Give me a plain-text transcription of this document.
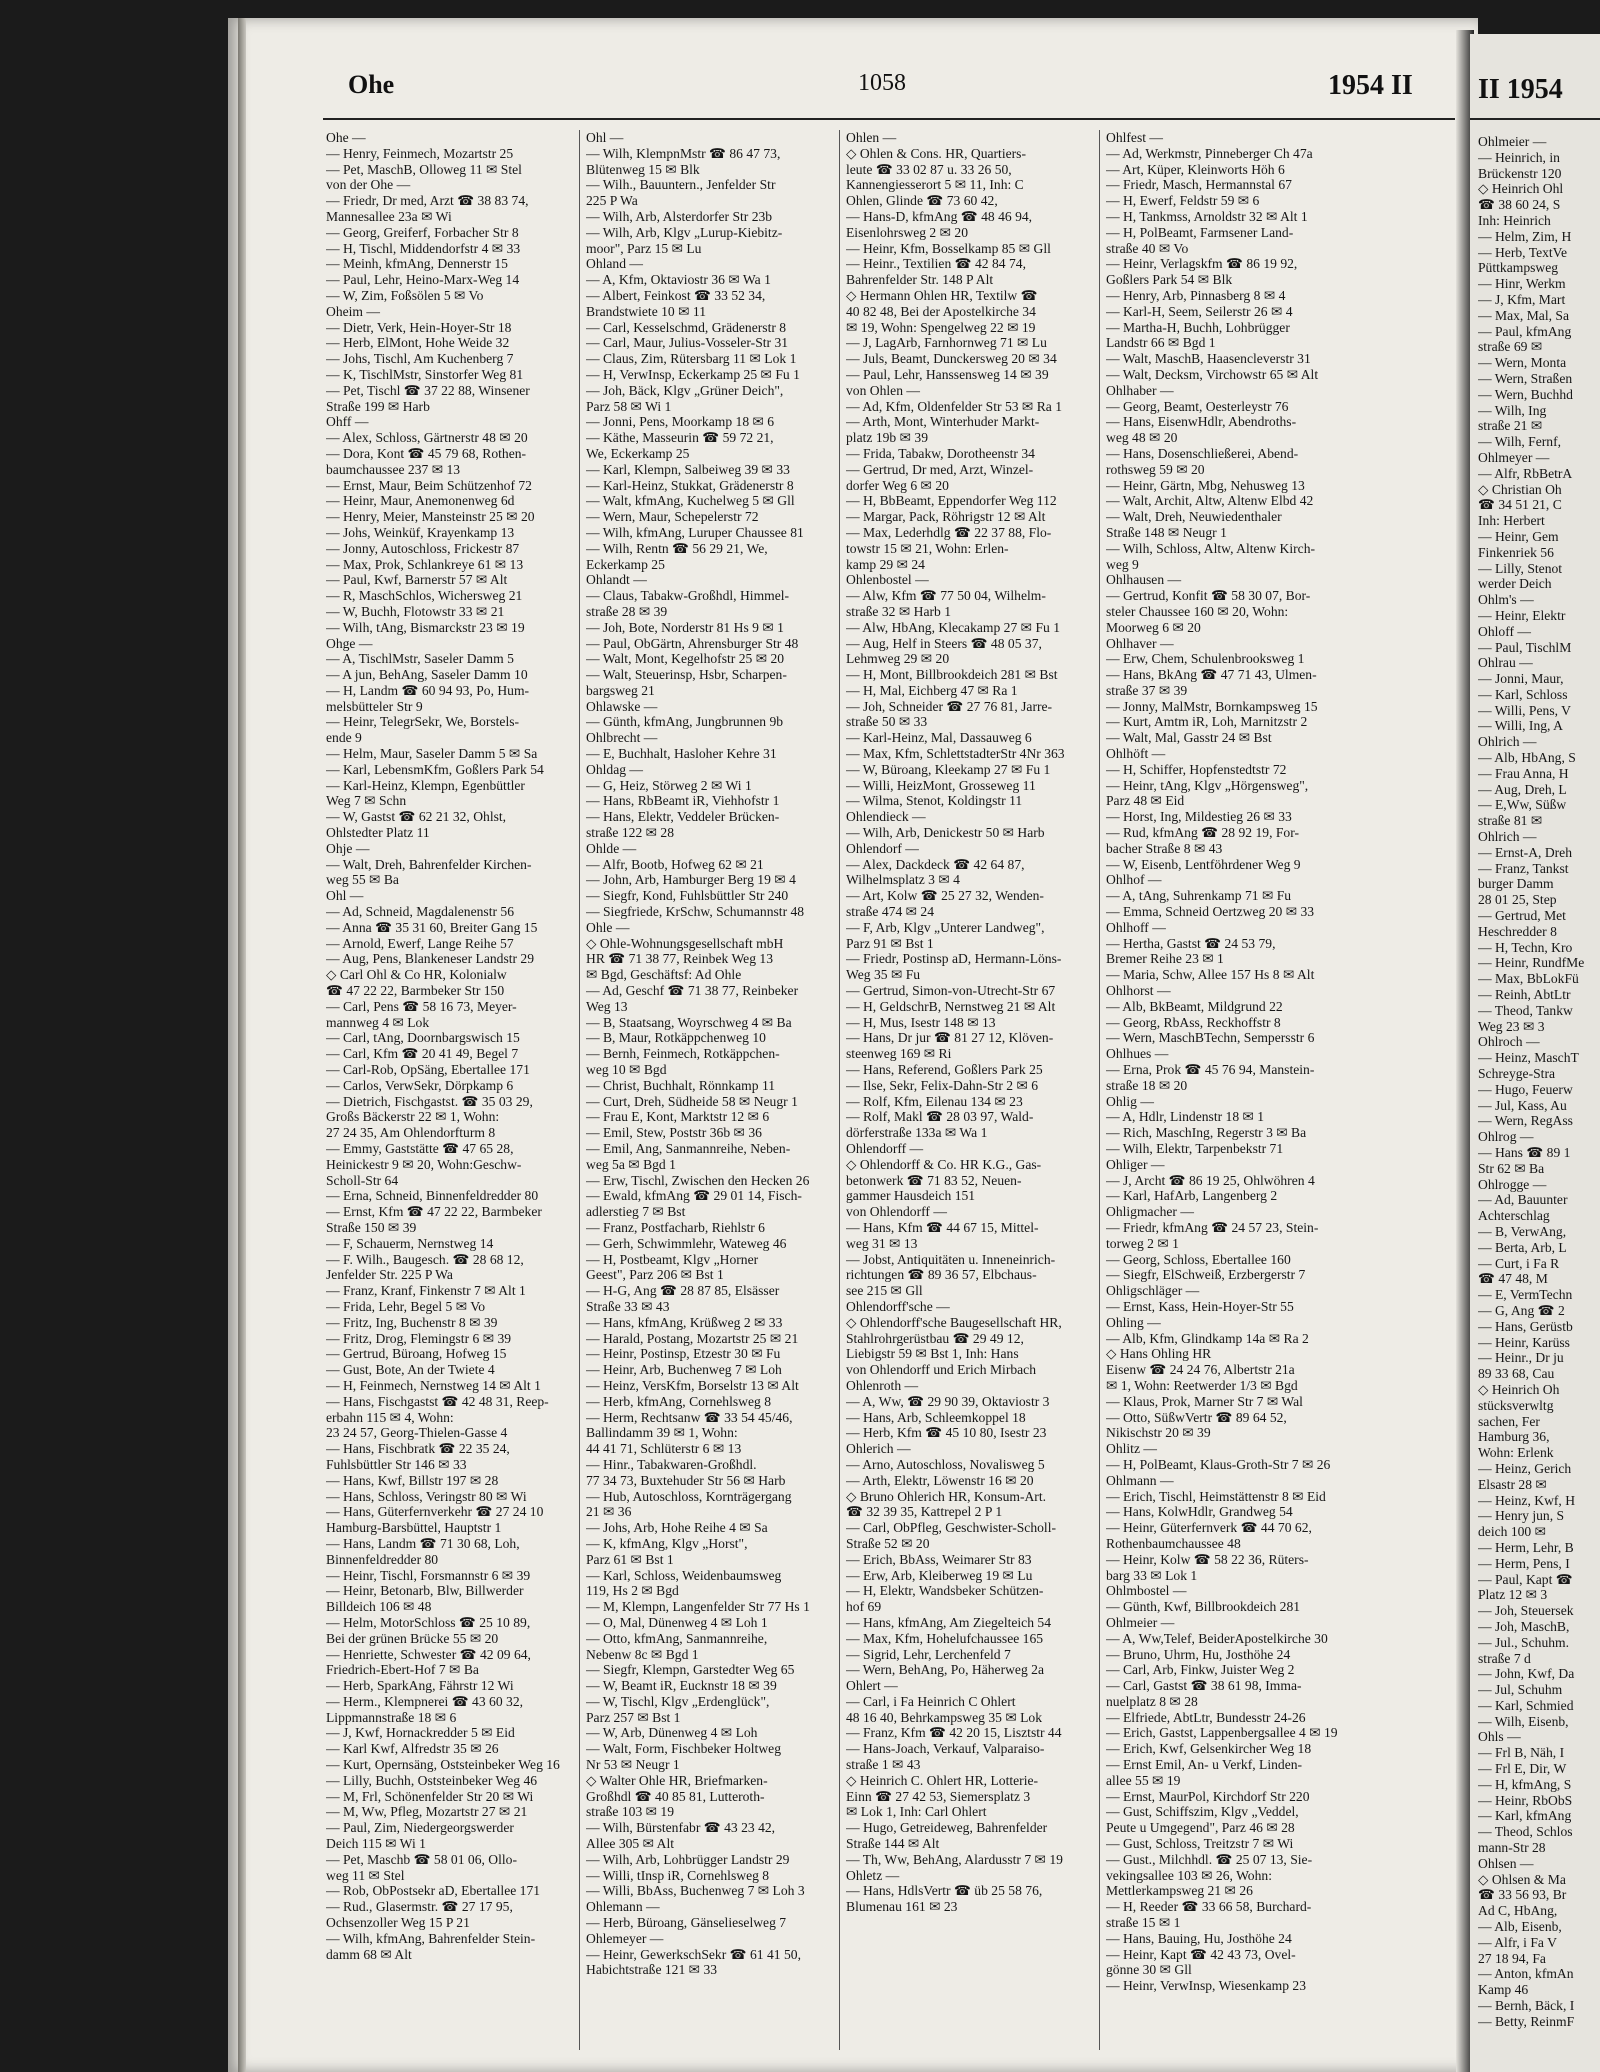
Ohe	1058	1954 II
Ohe —
— Henry, Feinmech, Mozartstr 25
— Pet, MaschB, Olloweg 11 ✉ Stel
von der Ohe —
— Friedr, Dr med, Arzt ☎ 38 83 74,
Mannesallee 23a ✉ Wi
— Georg, Greiferf, Forbacher Str 8
— H, Tischl, Middendorfstr 4 ✉ 33
— Meinh, kfmAng, Dennerstr 15
— Paul, Lehr, Heino-Marx-Weg 14
— W, Zim, Foßsölen 5 ✉ Vo
Oheim —
— Dietr, Verk, Hein-Hoyer-Str 18
— Herb, ElMont, Hohe Weide 32
— Johs, Tischl, Am Kuchenberg 7
— K, TischlMstr, Sinstorfer Weg 81
— Pet, Tischl ☎ 37 22 88, Winsener
Straße 199 ✉ Harb
Ohff —
— Alex, Schloss, Gärtnerstr 48 ✉ 20
— Dora, Kont ☎ 45 79 68, Rothen-
baumchaussee 237 ✉ 13
— Ernst, Maur, Beim Schützenhof 72
— Heinr, Maur, Anemonenweg 6d
— Henry, Meier, Mansteinstr 25 ✉ 20
— Johs, Weinküf, Krayenkamp 13
— Jonny, Autoschloss, Frickestr 87
— Max, Prok, Schlankreye 61 ✉ 13
— Paul, Kwf, Barnerstr 57 ✉ Alt
— R, MaschSchlos, Wichersweg 21
— W, Buchh, Flotowstr 33 ✉ 21
— Wilh, tAng, Bismarckstr 23 ✉ 19
Ohge —
— A, TischlMstr, Saseler Damm 5
— A jun, BehAng, Saseler Damm 10
— H, Landm ☎ 60 94 93, Po, Hum-
melsbütteler Str 9
— Heinr, TelegrSekr, We, Borstels-
ende 9
— Helm, Maur, Saseler Damm 5 ✉ Sa
— Karl, LebensmKfm, Goßlers Park 54
— Karl-Heinz, Klempn, Egenbüttler
Weg 7 ✉ Schn
— W, Gastst ☎ 62 21 32, Ohlst,
Ohlstedter Platz 11
Ohje —
— Walt, Dreh, Bahrenfelder Kirchen-
weg 55 ✉ Ba
Ohl —
— Ad, Schneid, Magdalenenstr 56
— Anna ☎ 35 31 60, Breiter Gang 15
— Arnold, Ewerf, Lange Reihe 57
— Aug, Pens, Blankeneser Landstr 29
◇ Carl Ohl & Co HR, Kolonialw
☎ 47 22 22, Barmbeker Str 150
— Carl, Pens ☎ 58 16 73, Meyer-
mannweg 4 ✉ Lok
— Carl, tAng, Doornbargswisch 15
— Carl, Kfm ☎ 20 41 49, Begel 7
— Carl-Rob, OpSäng, Ebertallee 171
— Carlos, VerwSekr, Dörpkamp 6
— Dietrich, Fischgastst. ☎ 35 03 29,
Großs Bäckerstr 22 ✉ 1, Wohn:
27 24 35, Am Ohlendorfturm 8
— Emmy, Gaststätte ☎ 47 65 28,
Heinickestr 9 ✉ 20, Wohn:Geschw-
Scholl-Str 64
— Erna, Schneid, Binnenfeldredder 80
— Ernst, Kfm ☎ 47 22 22, Barmbeker
Straße 150 ✉ 39
— F, Schauerm, Nernstweg 14
— F. Wilh., Baugesch. ☎ 28 68 12,
Jenfelder Str. 225 P Wa
— Franz, Kranf, Finkenstr 7 ✉ Alt 1
— Frida, Lehr, Begel 5 ✉ Vo
— Fritz, Ing, Buchenstr 8 ✉ 39
— Fritz, Drog, Flemingstr 6 ✉ 39
— Gertrud, Büroang, Hofweg 15
— Gust, Bote, An der Twiete 4
— H, Feinmech, Nernstweg 14 ✉ Alt 1
— Hans, Fischgastst ☎ 42 48 31, Reep-
erbahn 115 ✉ 4, Wohn:
23 24 57, Georg-Thielen-Gasse 4
— Hans, Fischbratk ☎ 22 35 24,
Fuhlsbüttler Str 146 ✉ 33
— Hans, Kwf, Billstr 197 ✉ 28
— Hans, Schloss, Veringstr 80 ✉ Wi
— Hans, Güterfernverkehr ☎ 27 24 10
Hamburg-Barsbüttel, Hauptstr 1
— Hans, Landm ☎ 71 30 68, Loh,
Binnenfeldredder 80
— Heinr, Tischl, Forsmannstr 6 ✉ 39
— Heinr, Betonarb, Blw, Billwerder
Billdeich 106 ✉ 48
— Helm, MotorSchloss ☎ 25 10 89,
Bei der grünen Brücke 55 ✉ 20
— Henriette, Schwester ☎ 42 09 64,
Friedrich-Ebert-Hof 7 ✉ Ba
— Herb, SparkAng, Fährstr 12 Wi
— Herm., Klempnerei ☎ 43 60 32,
Lippmannstraße 18 ✉ 6
— J, Kwf, Hornackredder 5 ✉ Eid
— Karl Kwf, Alfredstr 35 ✉ 26
— Kurt, Opernsäng, Oststeinbeker Weg 16
— Lilly, Buchh, Oststeinbeker Weg 46
— M, Frl, Schönenfelder Str 20 ✉ Wi
— M, Ww, Pfleg, Mozartstr 27 ✉ 21
— Paul, Zim, Niedergeorgswerder
Deich 115 ✉ Wi 1
— Pet, Maschb ☎ 58 01 06, Ollo-
weg 11 ✉ Stel
— Rob, ObPostsekr aD, Ebertallee 171
— Rud., Glasermstr. ☎ 27 17 95,
Ochsenzoller Weg 15 P 21
— Wilh, kfmAng, Bahrenfelder Stein-
damm 68 ✉ Alt
Ohl —
— Wilh, KlempnMstr ☎ 86 47 73,
Blütenweg 15 ✉ Blk
— Wilh., Bauuntern., Jenfelder Str
225 P Wa
— Wilh, Arb, Alsterdorfer Str 23b
— Wilh, Arb, Klgv „Lurup-Kiebitz-
moor", Parz 15 ✉ Lu
Ohland —
— A, Kfm, Oktaviostr 36 ✉ Wa 1
— Albert, Feinkost ☎ 33 52 34,
Brandstwiete 10 ✉ 11
— Carl, Kesselschmd, Grädenerstr 8
— Carl, Maur, Julius-Vosseler-Str 31
— Claus, Zim, Rütersbarg 11 ✉ Lok 1
— H, VerwInsp, Eckerkamp 25 ✉ Fu 1
— Joh, Bäck, Klgv „Grüner Deich",
Parz 58 ✉ Wi 1
— Jonni, Pens, Moorkamp 18 ✉ 6
— Käthe, Masseurin ☎ 59 72 21,
We, Eckerkamp 25
— Karl, Klempn, Salbeiweg 39 ✉ 33
— Karl-Heinz, Stukkat, Grädenerstr 8
— Walt, kfmAng, Kuchelweg 5 ✉ Gll
— Wern, Maur, Schepelerstr 72
— Wilh, kfmAng, Luruper Chaussee 81
— Wilh, Rentn ☎ 56 29 21, We,
Eckerkamp 25
Ohlandt —
— Claus, Tabakw-Großhdl, Himmel-
straße 28 ✉ 39
— Joh, Bote, Norderstr 81 Hs 9 ✉ 1
— Paul, ObGärtn, Ahrensburger Str 48
— Walt, Mont, Kegelhofstr 25 ✉ 20
— Walt, Steuerinsp, Hsbr, Scharpen-
bargsweg 21
Ohlawske —
— Günth, kfmAng, Jungbrunnen 9b
Ohlbrecht —
— E, Buchhalt, Hasloher Kehre 31
Ohldag —
— G, Heiz, Störweg 2 ✉ Wi 1
— Hans, RbBeamt iR, Viehhofstr 1
— Hans, Elektr, Veddeler Brücken-
straße 122 ✉ 28
Ohlde —
— Alfr, Bootb, Hofweg 62 ✉ 21
— John, Arb, Hamburger Berg 19 ✉ 4
— Siegfr, Kond, Fuhlsbüttler Str 240
— Siegfriede, KrSchw, Schumannstr 48
Ohle —
◇ Ohle-Wohnungsgesellschaft mbH
HR ☎ 71 38 77, Reinbek Weg 13
✉ Bgd, Geschäftsf: Ad Ohle
— Ad, Geschf ☎ 71 38 77, Reinbeker
Weg 13
— B, Staatsang, Woyrschweg 4 ✉ Ba
— B, Maur, Rotkäppchenweg 10
— Bernh, Feinmech, Rotkäppchen-
weg 10 ✉ Bgd
— Christ, Buchhalt, Rönnkamp 11
— Curt, Dreh, Südheide 58 ✉ Neugr 1
— Frau E, Kont, Marktstr 12 ✉ 6
— Emil, Stew, Poststr 36b ✉ 36
— Emil, Ang, Sanmannreihe, Neben-
weg 5a ✉ Bgd 1
— Erw, Tischl, Zwischen den Hecken 26
— Ewald, kfmAng ☎ 29 01 14, Fisch-
adlerstieg 7 ✉ Bst
— Franz, Postfacharb, Riehlstr 6
— Gerh, Schwimmlehr, Wateweg 46
— H, Postbeamt, Klgv „Horner
Geest", Parz 206 ✉ Bst 1
— H-G, Ang ☎ 28 87 85, Elsässer
Straße 33 ✉ 43
— Hans, kfmAng, Krüßweg 2 ✉ 33
— Harald, Postang, Mozartstr 25 ✉ 21
— Heinr, Postinsp, Etzestr 30 ✉ Fu
— Heinr, Arb, Buchenweg 7 ✉ Loh
— Heinz, VersKfm, Borselstr 13 ✉ Alt
— Herb, kfmAng, Cornehlsweg 8
— Herm, Rechtsanw ☎ 33 54 45/46,
Ballindamm 39 ✉ 1, Wohn:
44 41 71, Schlüterstr 6 ✉ 13
— Hinr., Tabakwaren-Großhdl.
77 34 73, Buxtehuder Str 56 ✉ Harb
— Hub, Autoschloss, Kornträgergang
21 ✉ 36
— Johs, Arb, Hohe Reihe 4 ✉ Sa
— K, kfmAng, Klgv „Horst",
Parz 61 ✉ Bst 1
— Karl, Schloss, Weidenbaumsweg
119, Hs 2 ✉ Bgd
— M, Klempn, Langenfelder Str 77 Hs 1
— O, Mal, Dünenweg 4 ✉ Loh 1
— Otto, kfmAng, Sanmannreihe,
Nebenw 8c ✉ Bgd 1
— Siegfr, Klempn, Garstedter Weg 65
— W, Beamt iR, Eucknstr 18 ✉ 39
— W, Tischl, Klgv „Erdenglück",
Parz 257 ✉ Bst 1
— W, Arb, Dünenweg 4 ✉ Loh
— Walt, Form, Fischbeker Holtweg
Nr 53 ✉ Neugr 1
◇ Walter Ohle HR, Briefmarken-
Großhdl ☎ 40 85 81, Lutteroth-
straße 103 ✉ 19
— Wilh, Bürstenfabr ☎ 43 23 42,
Allee 305 ✉ Alt
— Wilh, Arb, Lohbrügger Landstr 29
— Willi, tInsp iR, Cornehlsweg 8
— Willi, BbAss, Buchenweg 7 ✉ Loh 3
Ohlemann —
— Herb, Büroang, Gänselieselweg 7
Ohlemeyer —
— Heinr, GewerkschSekr ☎ 61 41 50,
Habichtstraße 121 ✉ 33
Ohlen —
◇ Ohlen & Cons. HR, Quartiers-
leute ☎ 33 02 87 u. 33 26 50,
Kannengiesserort 5 ✉ 11, Inh: C
Ohlen, Glinde ☎ 73 60 42,
— Hans-D, kfmAng ☎ 48 46 94,
Eisenlohrsweg 2 ✉ 20
— Heinr, Kfm, Bosselkamp 85 ✉ Gll
— Heinr., Textilien ☎ 42 84 74,
Bahrenfelder Str. 148 P Alt
◇ Hermann Ohlen HR, Textilw ☎
40 82 48, Bei der Apostelkirche 34
✉ 19, Wohn: Spengelweg 22 ✉ 19
— J, LagArb, Farnhornweg 71 ✉ Lu
— Juls, Beamt, Dunckersweg 20 ✉ 34
— Paul, Lehr, Hanssensweg 14 ✉ 39
von Ohlen —
— Ad, Kfm, Oldenfelder Str 53 ✉ Ra 1
— Arth, Mont, Winterhuder Markt-
platz 19b ✉ 39
— Frida, Tabakw, Dorotheenstr 34
— Gertrud, Dr med, Arzt, Winzel-
dorfer Weg 6 ✉ 20
— H, BbBeamt, Eppendorfer Weg 112
— Margar, Pack, Röhrigstr 12 ✉ Alt
— Max, Lederhdlg ☎ 22 37 88, Flo-
towstr 15 ✉ 21, Wohn: Erlen-
kamp 29 ✉ 24
Ohlenbostel —
— Alw, Kfm ☎ 77 50 04, Wilhelm-
straße 32 ✉ Harb 1
— Alw, HbAng, Klecakamp 27 ✉ Fu 1
— Aug, Helf in Steers ☎ 48 05 37,
Lehmweg 29 ✉ 20
— H, Mont, Billbrookdeich 281 ✉ Bst
— H, Mal, Eichberg 47 ✉ Ra 1
— Joh, Schneider ☎ 27 76 81, Jarre-
straße 50 ✉ 33
— Karl-Heinz, Mal, Dassauweg 6
— Max, Kfm, SchlettstadterStr 4Nr 363
— W, Büroang, Kleekamp 27 ✉ Fu 1
— Willi, HeizMont, Grosseweg 11
— Wilma, Stenot, Koldingstr 11
Ohlendieck —
— Wilh, Arb, Denickestr 50 ✉ Harb
Ohlendorf —
— Alex, Dackdeck ☎ 42 64 87,
Wilhelmsplatz 3 ✉ 4
— Art, Kolw ☎ 25 27 32, Wenden-
straße 474 ✉ 24
— F, Arb, Klgv „Unterer Landweg",
Parz 91 ✉ Bst 1
— Friedr, Postinsp aD, Hermann-Löns-
Weg 35 ✉ Fu
— Gertrud, Simon-von-Utrecht-Str 67
— H, GeldschrB, Nernstweg 21 ✉ Alt
— H, Mus, Isestr 148 ✉ 13
— Hans, Dr jur ☎ 81 27 12, Klöven-
steenweg 169 ✉ Ri
— Hans, Referend, Goßlers Park 25
— Ilse, Sekr, Felix-Dahn-Str 2 ✉ 6
— Rolf, Kfm, Eilenau 134 ✉ 23
— Rolf, Makl ☎ 28 03 97, Wald-
dörferstraße 133a ✉ Wa 1
Ohlendorff —
◇ Ohlendorff & Co. HR K.G., Gas-
betonwerk ☎ 71 83 52, Neuen-
gammer Hausdeich 151
von Ohlendorff —
— Hans, Kfm ☎ 44 67 15, Mittel-
weg 31 ✉ 13
— Jobst, Antiquitäten u. Inneneinrich-
richtungen ☎ 89 36 57, Elbchaus-
see 215 ✉ Gll
Ohlendorff'sche —
◇ Ohlendorff'sche Baugesellschaft HR,
Stahlrohrgerüstbau ☎ 29 49 12,
Liebigstr 59 ✉ Bst 1, Inh: Hans
von Ohlendorff und Erich Mirbach
Ohlenroth —
— A, Ww, ☎ 29 90 39, Oktaviostr 3
— Hans, Arb, Schleemkoppel 18
— Herb, Kfm ☎ 45 10 80, Isestr 23
Ohlerich —
— Arno, Autoschloss, Novalisweg 5
— Arth, Elektr, Löwenstr 16 ✉ 20
◇ Bruno Ohlerich HR, Konsum-Art.
☎ 32 39 35, Kattrepel 2 P 1
— Carl, ObPfleg, Geschwister-Scholl-
Straße 52 ✉ 20
— Erich, BbAss, Weimarer Str 83
— Erw, Arb, Kleiberweg 19 ✉ Lu
— H, Elektr, Wandsbeker Schützen-
hof 69
— Hans, kfmAng, Am Ziegelteich 54
— Max, Kfm, Hohelufchaussee 165
— Sigrid, Lehr, Lerchenfeld 7
— Wern, BehAng, Po, Häherweg 2a
Ohlert —
— Carl, i Fa Heinrich C Ohlert
48 16 40, Behrkampsweg 35 ✉ Lok
— Franz, Kfm ☎ 42 20 15, Lisztstr 44
— Hans-Joach, Verkauf, Valparaiso-
straße 1 ✉ 43
◇ Heinrich C. Ohlert HR, Lotterie-
Einn ☎ 27 42 53, Siemersplatz 3
✉ Lok 1, Inh: Carl Ohlert
— Hugo, Getreideweg, Bahrenfelder
Straße 144 ✉ Alt
— Th, Ww, BehAng, Alardusstr 7 ✉ 19
Ohletz —
— Hans, HdlsVertr ☎ üb 25 58 76,
Blumenau 161 ✉ 23
Ohlfest —
— Ad, Werkmstr, Pinneberger Ch 47a
— Art, Küper, Kleinworts Höh 6
— Friedr, Masch, Hermannstal 67
— H, Ewerf, Feldstr 59 ✉ 6
— H, Tankmss, Arnoldstr 32 ✉ Alt 1
— H, PolBeamt, Farmsener Land-
straße 40 ✉ Vo
— Heinr, Verlagskfm ☎ 86 19 92,
Goßlers Park 54 ✉ Blk
— Henry, Arb, Pinnasberg 8 ✉ 4
— Karl-H, Seem, Seilerstr 26 ✉ 4
— Martha-H, Buchh, Lohbrügger
Landstr 66 ✉ Bgd 1
— Walt, MaschB, Haasencleverstr 31
— Walt, Decksm, Virchowstr 65 ✉ Alt
Ohlhaber —
— Georg, Beamt, Oesterleystr 76
— Hans, EisenwHdlr, Abendroths-
weg 48 ✉ 20
— Hans, Dosenschließerei, Abend-
rothsweg 59 ✉ 20
— Heinr, Gärtn, Mbg, Nehusweg 13
— Walt, Archit, Altw, Altenw Elbd 42
— Walt, Dreh, Neuwiedenthaler
Straße 148 ✉ Neugr 1
— Wilh, Schloss, Altw, Altenw Kirch-
weg 9
Ohlhausen —
— Gertrud, Konfit ☎ 58 30 07, Bor-
steler Chaussee 160 ✉ 20, Wohn:
Moorweg 6 ✉ 20
Ohlhaver —
— Erw, Chem, Schulenbrooksweg 1
— Hans, BkAng ☎ 47 71 43, Ulmen-
straße 37 ✉ 39
— Jonny, MalMstr, Bornkampsweg 15
— Kurt, Amtm iR, Loh, Marnitzstr 2
— Walt, Mal, Gasstr 24 ✉ Bst
Ohlhöft —
— H, Schiffer, Hopfenstedtstr 72
— Heinr, tAng, Klgv „Hörgensweg",
Parz 48 ✉ Eid
— Horst, Ing, Mildestieg 26 ✉ 33
— Rud, kfmAng ☎ 28 92 19, For-
bacher Straße 8 ✉ 43
— W, Eisenb, Lentföhrdener Weg 9
Ohlhof —
— A, tAng, Suhrenkamp 71 ✉ Fu
— Emma, Schneid Oertzweg 20 ✉ 33
Ohlhoff —
— Hertha, Gastst ☎ 24 53 79,
Bremer Reihe 23 ✉ 1
— Maria, Schw, Allee 157 Hs 8 ✉ Alt
Ohlhorst —
— Alb, BkBeamt, Mildgrund 22
— Georg, RbAss, Reckhoffstr 8
— Wern, MaschBTechn, Sempersstr 6
Ohlhues —
— Erna, Prok ☎ 45 76 94, Manstein-
straße 18 ✉ 20
Ohlig —
— A, Hdlr, Lindenstr 18 ✉ 1
— Rich, MaschIng, Regerstr 3 ✉ Ba
— Wilh, Elektr, Tarpenbekstr 71
Ohliger —
— J, Archt ☎ 86 19 25, Ohlwöhren 4
— Karl, HafArb, Langenberg 2
Ohligmacher —
— Friedr, kfmAng ☎ 24 57 23, Stein-
torweg 2 ✉ 1
— Georg, Schloss, Ebertallee 160
— Siegfr, ElSchweiß, Erzbergerstr 7
Ohligschläger —
— Ernst, Kass, Hein-Hoyer-Str 55
Ohling —
— Alb, Kfm, Glindkamp 14a ✉ Ra 2
◇ Hans Ohling HR
Eisenw ☎ 24 24 76, Albertstr 21a
✉ 1, Wohn: Reetwerder 1/3 ✉ Bgd
— Klaus, Prok, Marner Str 7 ✉ Wal
— Otto, SüßwVertr ☎ 89 64 52,
Nikischstr 20 ✉ 39
Ohlitz —
— H, PolBeamt, Klaus-Groth-Str 7 ✉ 26
Ohlmann —
— Erich, Tischl, Heimstättenstr 8 ✉ Eid
— Hans, KolwHdlr, Grandweg 54
— Heinr, Güterfernverk ☎ 44 70 62,
Rothenbaumchaussee 48
— Heinr, Kolw ☎ 58 22 36, Rüters-
barg 33 ✉ Lok 1
Ohlmbostel —
— Günth, Kwf, Billbrookdeich 281
Ohlmeier —
— A, Ww,Telef, BeiderApostelkirche 30
— Bruno, Uhrm, Hu, Josthöhe 24
— Carl, Arb, Finkw, Juister Weg 2
— Carl, Gastst ☎ 38 61 98, Imma-
nuelplatz 8 ✉ 28
— Elfriede, AbtLtr, Bundesstr 24-26
— Erich, Gastst, Lappenbergsallee 4 ✉ 19
— Erich, Kwf, Gelsenkircher Weg 18
— Ernst Emil, An- u Verkf, Linden-
allee 55 ✉ 19
— Ernst, MaurPol, Kirchdorf Str 220
— Gust, Schiffszim, Klgv „Veddel,
Peute u Umgegend", Parz 46 ✉ 28
— Gust, Schloss, Treitzstr 7 ✉ Wi
— Gust., Milchhdl. ☎ 25 07 13, Sie-
vekingsallee 103 ✉ 26, Wohn:
Mettlerkampsweg 21 ✉ 26
— H, Reeder ☎ 33 66 58, Burchard-
straße 15 ✉ 1
— Hans, Bauing, Hu, Josthöhe 24
— Heinr, Kapt ☎ 42 43 73, Ovel-
gönne 30 ✉ Gll
— Heinr, VerwInsp, Wiesenkamp 23
II 1954
Ohlmeier —
— Heinrich, in
Brückenstr 120
◇ Heinrich Ohl
☎ 38 60 24, S
Inh: Heinrich
— Helm, Zim, H
— Herb, TextVe
Püttkampsweg
— Hinr, Werkm
— J, Kfm, Mart
— Max, Mal, Sa
— Paul, kfmAng
straße 69 ✉
— Wern, Monta
— Wern, Straßen
— Wern, Buchhd
— Wilh, Ing
straße 21 ✉
— Wilh, Fernf,
Ohlmeyer —
— Alfr, RbBetrA
◇ Christian Oh
☎ 34 51 21, C
Inh: Herbert
— Heinr, Gem
Finkenriek 56
— Lilly, Stenot
werder Deich
Ohlm's —
— Heinr, Elektr
Ohloff —
— Paul, TischlM
Ohlrau —
— Jonni, Maur,
— Karl, Schloss
— Willi, Pens, V
— Willi, Ing, A
Ohlrich —
— Alb, HbAng, S
— Frau Anna, H
— Aug, Dreh, L
— E,Ww, Süßw
straße 81 ✉
Ohlrich —
— Ernst-A, Dreh
— Franz, Tankst
burger Damm
28 01 25, Step
— Gertrud, Met
Heschredder 8
— H, Techn, Kro
— Heinr, RundfMe
— Max, BbLokFü
— Reinh, AbtLtr
— Theod, Tankw
Weg 23 ✉ 3
Ohlroch —
— Heinz, MaschT
Schreyge-Stra
— Hugo, Feuerw
— Jul, Kass, Au
— Wern, RegAss
Ohlrog —
— Hans ☎ 89 1
Str 62 ✉ Ba
Ohlrogge —
— Ad, Bauunter
Achterschlag
— B, VerwAng,
— Berta, Arb, L
— Curt, i Fa R
☎ 47 48, M
— E, VermTechn
— G, Ang ☎ 2
— Hans, Gerüstb
— Heinr, Karüss
— Heinr., Dr ju
89 33 68, Cau
◇ Heinrich Oh
stücksverwltg
sachen, Fer
Hamburg 36,
Wohn: Erlenk
— Heinz, Gerich
Elsastr 28 ✉
— Heinz, Kwf, H
— Henry jun, S
deich 100 ✉
— Herm, Lehr, B
— Herm, Pens, I
— Paul, Kapt ☎
Platz 12 ✉ 3
— Joh, Steuersek
— Joh, MaschB,
— Jul., Schuhm.
straße 7 d
— John, Kwf, Da
— Jul, Schuhm
— Karl, Schmied
— Wilh, Eisenb,
Ohls —
— Frl B, Näh, I
— Frl E, Dir, W
— H, kfmAng, S
— Heinr, RbObS
— Karl, kfmAng
— Theod, Schlos
mann-Str 28
Ohlsen —
◇ Ohlsen & Ma
☎ 33 56 93, Br
Ad C, HbAng,
— Alb, Eisenb,
— Alfr, i Fa V
27 18 94, Fa
— Anton, kfmAn
Kamp 46
— Bernh, Bäck, I
— Betty, ReinmF
